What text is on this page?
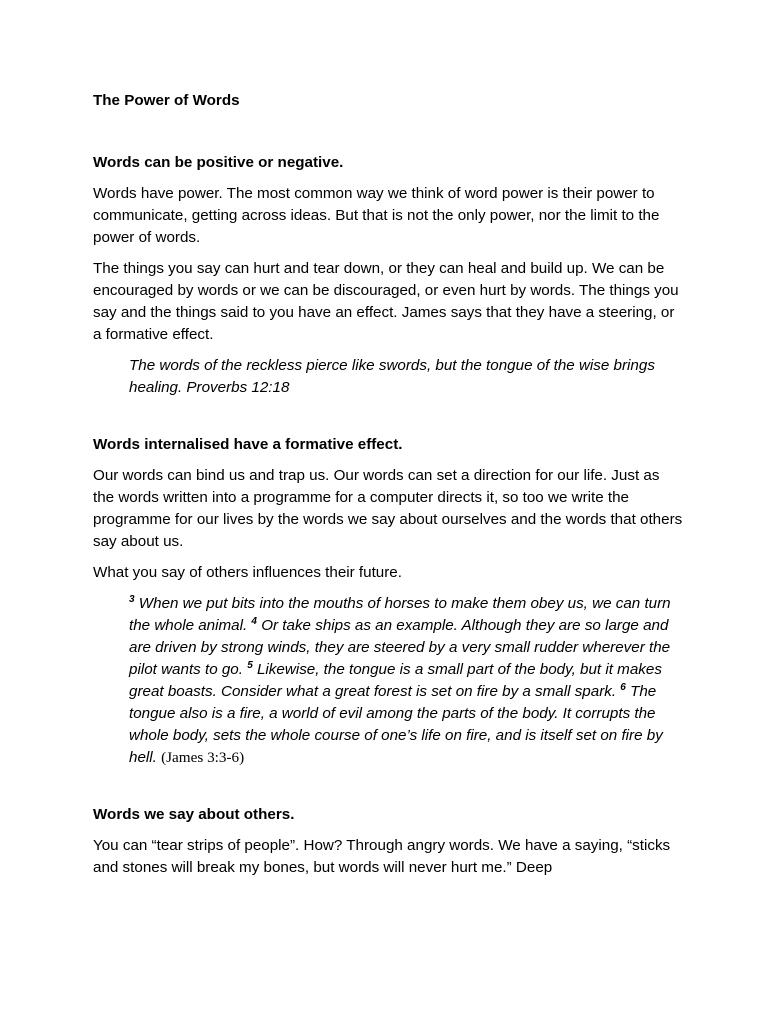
The Power of Words
Words can be positive or negative.
Words have power. The most common way we think of word power is their power to communicate, getting across ideas. But that is not the only power, nor the limit to the power of words.
The things you say can hurt and tear down, or they can heal and build up. We can be encouraged by words or we can be discouraged, or even hurt by words. The things you say and the things said to you have an effect. James says that they have a steering, or a formative effect.
The words of the reckless pierce like swords, but the tongue of the wise brings healing. Proverbs 12:18
Words internalised have a formative effect.
Our words can bind us and trap us. Our words can set a direction for our life. Just as the words written into a programme for a computer directs it, so too we write the programme for our lives by the words we say about ourselves and the words that others say about us.
What you say of others influences their future.
$^3$ When we put bits into the mouths of horses to make them obey us, we can turn the whole animal. $^4$ Or take ships as an example. Although they are so large and are driven by strong winds, they are steered by a very small rudder wherever the pilot wants to go. $^5$ Likewise, the tongue is a small part of the body, but it makes great boasts. Consider what a great forest is set on fire by a small spark. $^6$ The tongue also is a fire, a world of evil among the parts of the body. It corrupts the whole body, sets the whole course of one’s life on fire, and is itself set on fire by hell. (James 3:3-6)
Words we say about others.
You can “tear strips of people”. How? Through angry words. We have a saying, “sticks and stones will break my bones, but words will never hurt me.” Deep
